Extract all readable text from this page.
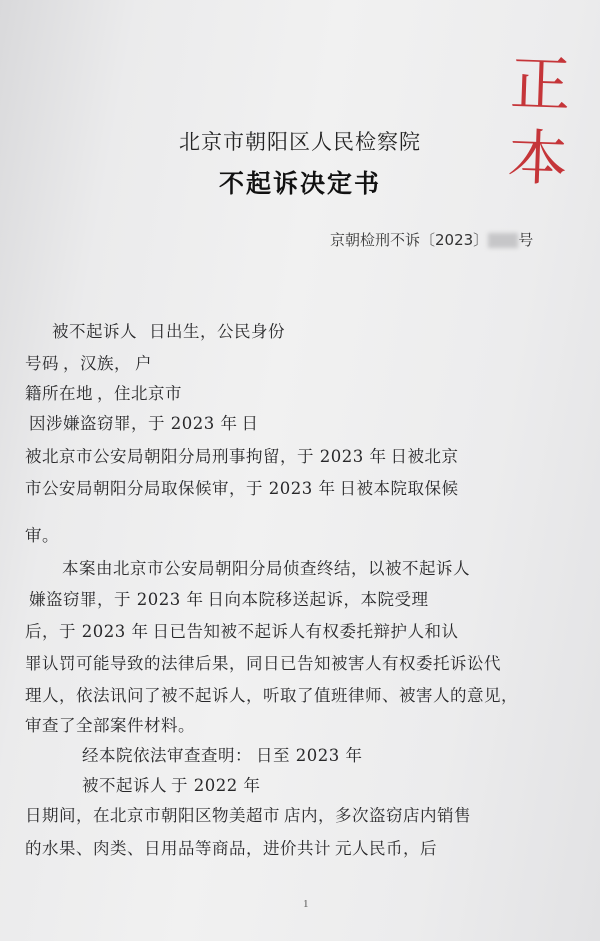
正
本
北京市朝阳区人民检察院
不起诉决定书
京朝检刑不诉〔2023〕 号
被不起诉人 日出生，公民身份
号码 ，汉族， 户
籍所在地 ，住北京市
因涉嫌盗窃罪，于 2023 年 日
被北京市公安局朝阳分局刑事拘留，于 2023 年 日被北京
市公安局朝阳分局取保候审，于 2023 年 日被本院取保候
审。
本案由北京市公安局朝阳分局侦查终结，以被不起诉人
嫌盗窃罪，于 2023 年 日向本院移送起诉，本院受理
后，于 2023 年 日已告知被不起诉人有权委托辩护人和认
罪认罚可能导致的法律后果，同日已告知被害人有权委托诉讼代
理人，依法讯问了被不起诉人，听取了值班律师、被害人的意见，
审查了全部案件材料。
经本院依法审查查明： 日至 2023 年
被不起诉人 于 2022 年
日期间，在北京市朝阳区物美超市 店内，多次盗窃店内销售
的水果、肉类、日用品等商品，进价共计 元人民币，后
1
